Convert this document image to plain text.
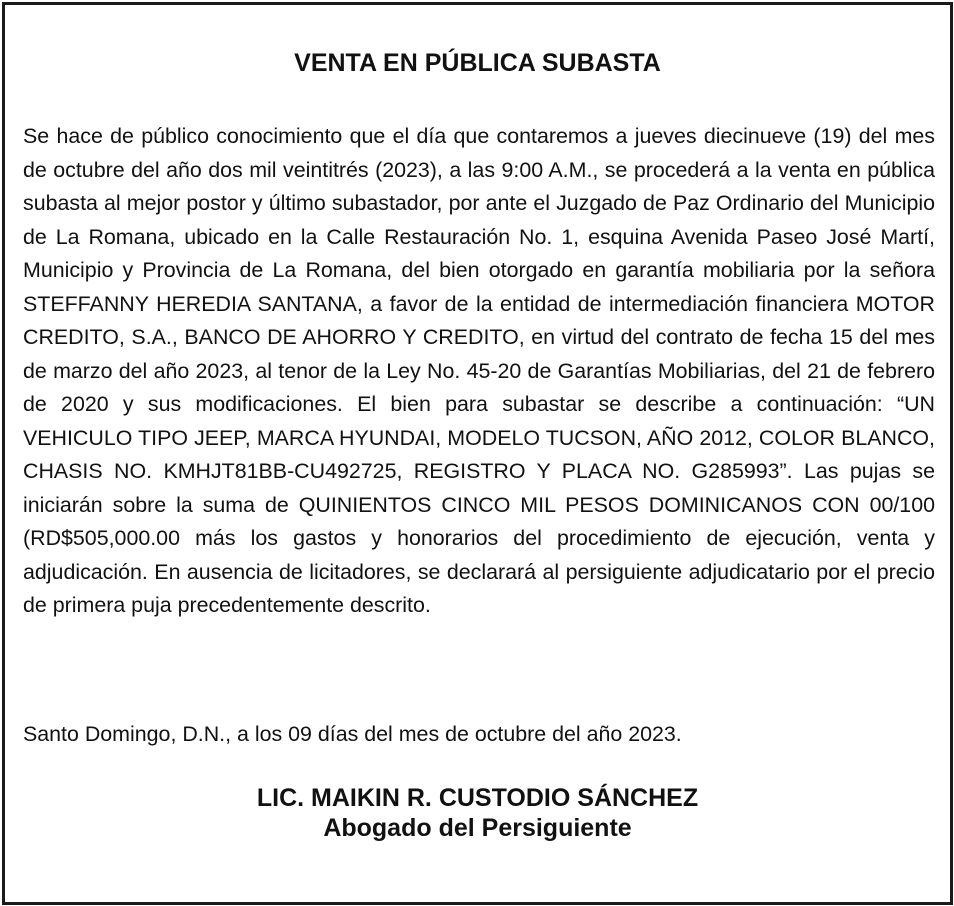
VENTA EN PÚBLICA SUBASTA

Se hace de público conocimiento que el día que contaremos a jueves diecinueve (19) del mes de octubre del año dos mil veintitrés (2023), a las 9:00 A.M., se procederá a la venta en pública subasta al mejor postor y último subastador, por ante el Juzgado de Paz Ordinario del Municipio de La Romana, ubicado en la Calle Restauración No. 1, esquina Avenida Paseo José Martí, Municipio y Provincia de La Romana, del bien otorgado en garantía mobiliaria por la señora STEFFANNY HEREDIA SANTANA, a favor de la entidad de intermediación financiera MOTOR CREDITO, S.A., BANCO DE AHORRO Y CREDITO, en virtud del contrato de fecha 15 del mes de marzo del año 2023, al tenor de la Ley No. 45-20 de Garantías Mobiliarias, del 21 de febrero de 2020 y sus modificaciones. El bien para subastar se describe a continuación: “UN VEHICULO TIPO JEEP, MARCA HYUNDAI, MODELO TUCSON, AÑO 2012, COLOR BLANCO, CHASIS NO. KMHJT81BB-CU492725, REGISTRO Y PLACA NO. G285993”. Las pujas se iniciarán sobre la suma de QUINIENTOS CINCO MIL PESOS DOMINICANOS CON 00/100 (RD$505,000.00 más los gastos y honorarios del procedimiento de ejecución, venta y adjudicación. En ausencia de licitadores, se declarará al persiguiente adjudicatario por el precio de primera puja precedentemente descrito.

Santo Domingo, D.N., a los 09 días del mes de octubre del año 2023.

LIC. MAIKIN R. CUSTODIO SÁNCHEZ
Abogado del Persiguiente
